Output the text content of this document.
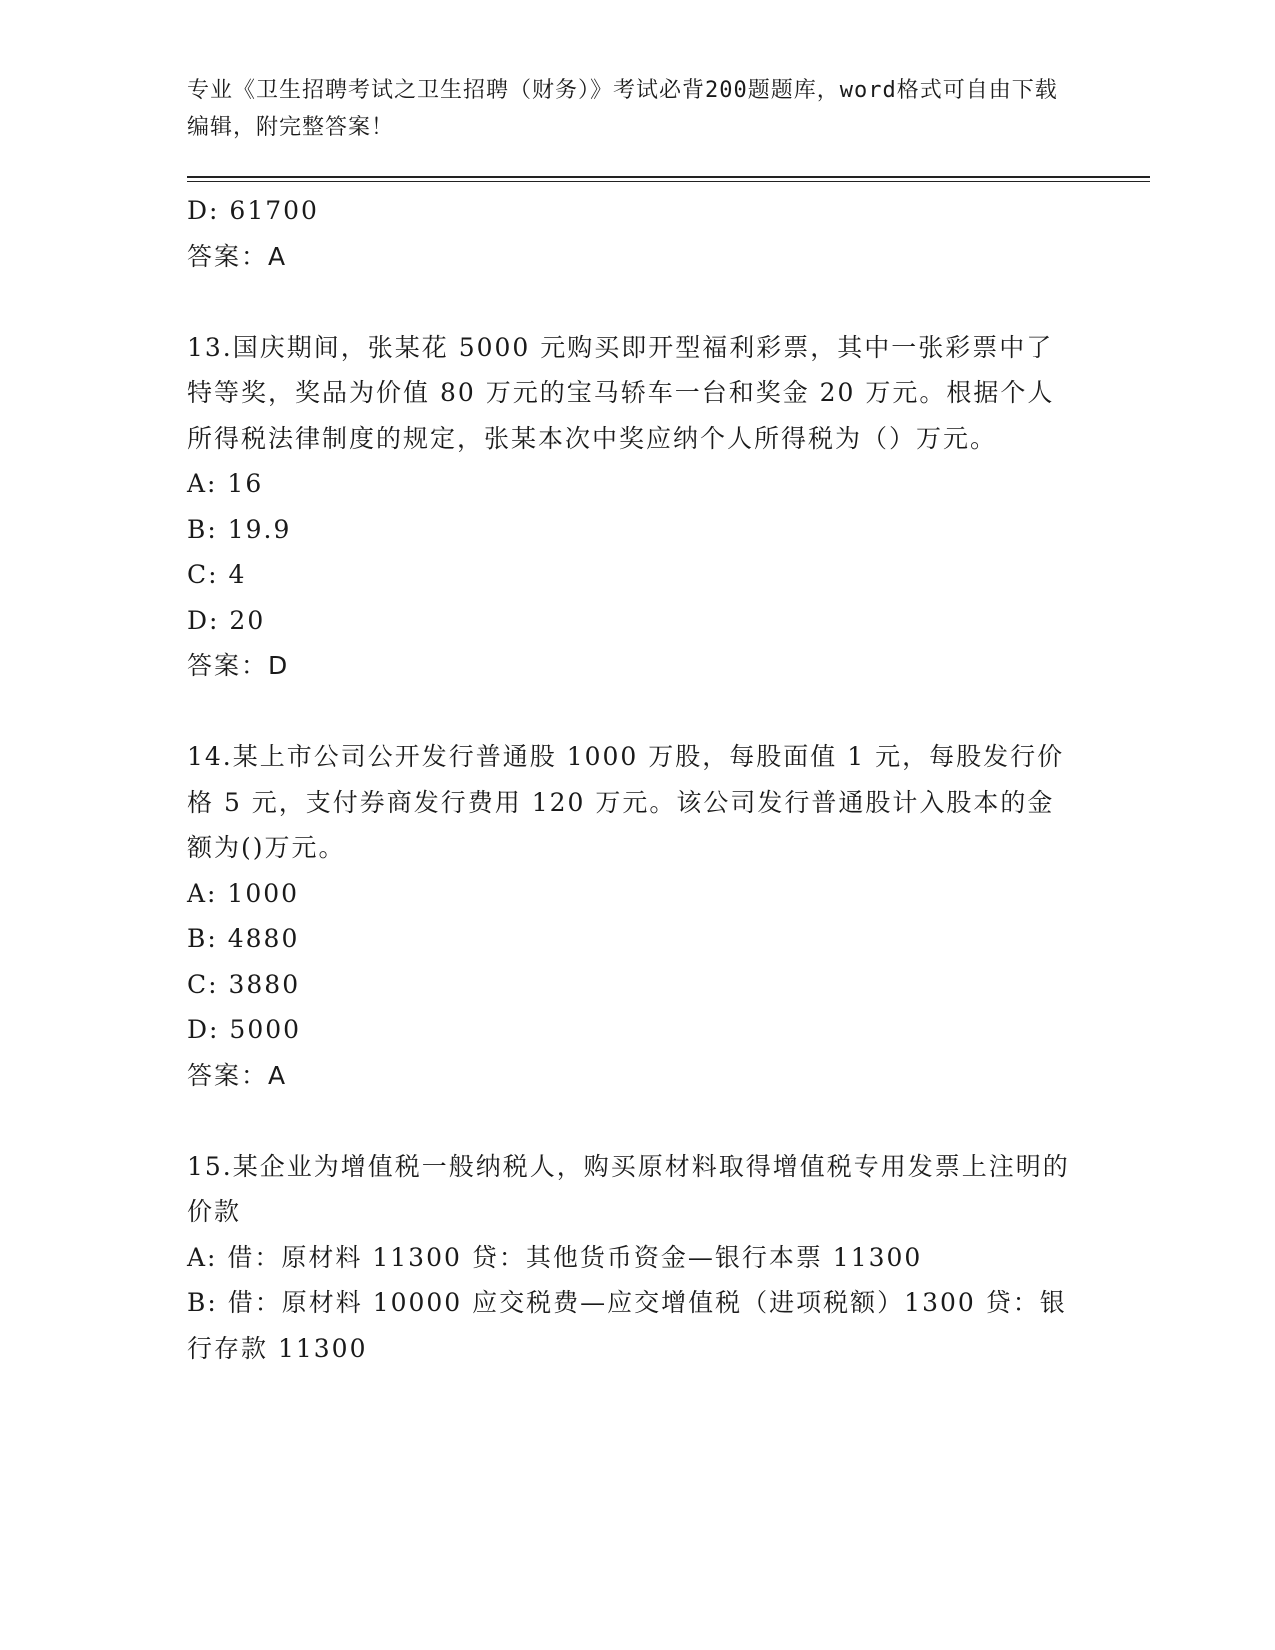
专业《卫生招聘考试之卫生招聘（财务）》考试必背200题题库，word格式可自由下载编辑，附完整答案！
D: 61700
答案：A
13.国庆期间，张某花 5000 元购买即开型福利彩票，其中一张彩票中了特等奖，奖品为价值 80 万元的宝马轿车一台和奖金 20 万元。根据个人所得税法律制度的规定，张某本次中奖应纳个人所得税为（）万元。
A: 16
B: 19.9
C: 4
D: 20
答案：D
14.某上市公司公开发行普通股 1000 万股，每股面值 1 元，每股发行价格 5 元，支付券商发行费用 120 万元。该公司发行普通股计入股本的金额为()万元。
A: 1000
B: 4880
C: 3880
D: 5000
答案：A
15.某企业为增值税一般纳税人，购买原材料取得增值税专用发票上注明的价款
A: 借：原材料 11300 贷：其他货币资金—银行本票 11300
B: 借：原材料 10000 应交税费—应交增值税（进项税额）1300 贷：银行存款 11300
